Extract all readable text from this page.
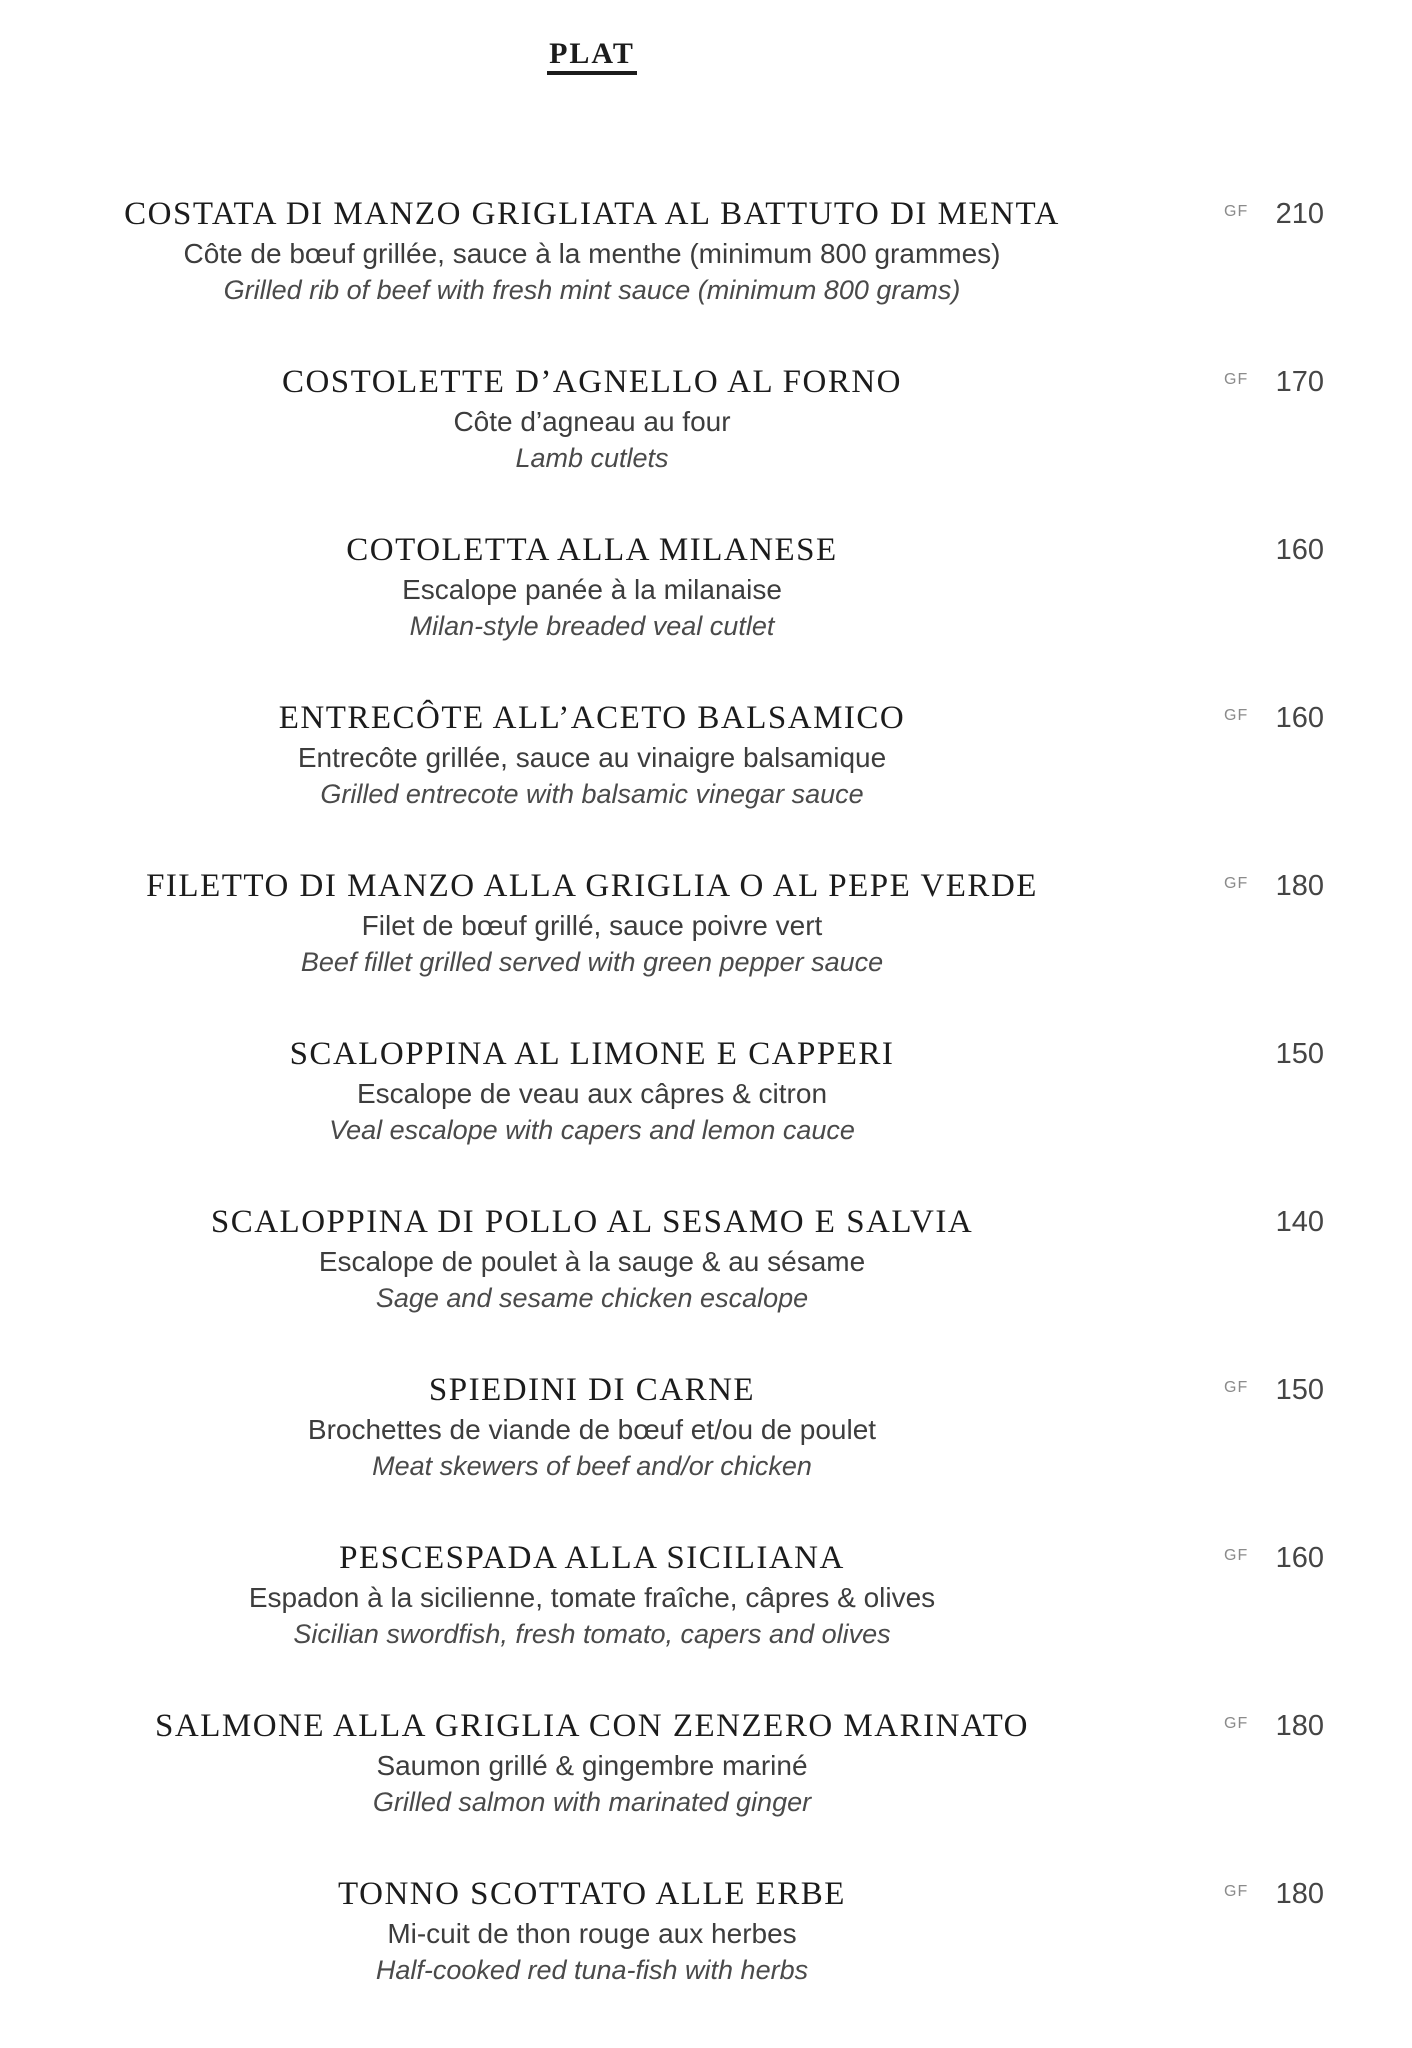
PLAT
COSTATA DI MANZO GRIGLIATA AL BATTUTO DI MENTA
Côte de bœuf grillée, sauce à la menthe (minimum 800 grammes)
Grilled rib of beef with fresh mint sauce (minimum 800 grams)
GF 210
COSTOLETTE D’AGNELLO AL FORNO
Côte d’agneau au four
Lamb cutlets
GF 170
COTOLETTA ALLA MILANESE
Escalope panée à la milanaise
Milan-style breaded veal cutlet
160
ENTRECÔTE ALL’ACETO BALSAMICO
Entrecôte grillée, sauce au vinaigre balsamique
Grilled entrecote with balsamic vinegar sauce
GF 160
FILETTO DI MANZO ALLA GRIGLIA O AL PEPE VERDE
Filet de bœuf grillé, sauce poivre vert
Beef fillet grilled served with green pepper sauce
GF 180
SCALOPPINA AL LIMONE E CAPPERI
Escalope de veau aux câpres & citron
Veal escalope with capers and lemon cauce
150
SCALOPPINA DI POLLO AL SESAMO E SALVIA
Escalope de poulet à la sauge & au sésame
Sage and sesame chicken escalope
140
SPIEDINI DI CARNE
Brochettes de viande de bœuf et/ou de poulet
Meat skewers of beef and/or chicken
GF 150
PESCESPADA ALLA SICILIANA
Espadon à la sicilienne, tomate fraîche, câpres & olives
Sicilian swordfish, fresh tomato, capers and olives
GF 160
SALMONE ALLA GRIGLIA CON ZENZERO MARINATO
Saumon grillé & gingembre mariné
Grilled salmon with marinated ginger
GF 180
TONNO SCOTTATO ALLE ERBE
Mi-cuit de thon rouge aux herbes
Half-cooked red tuna-fish with herbs
GF 180
